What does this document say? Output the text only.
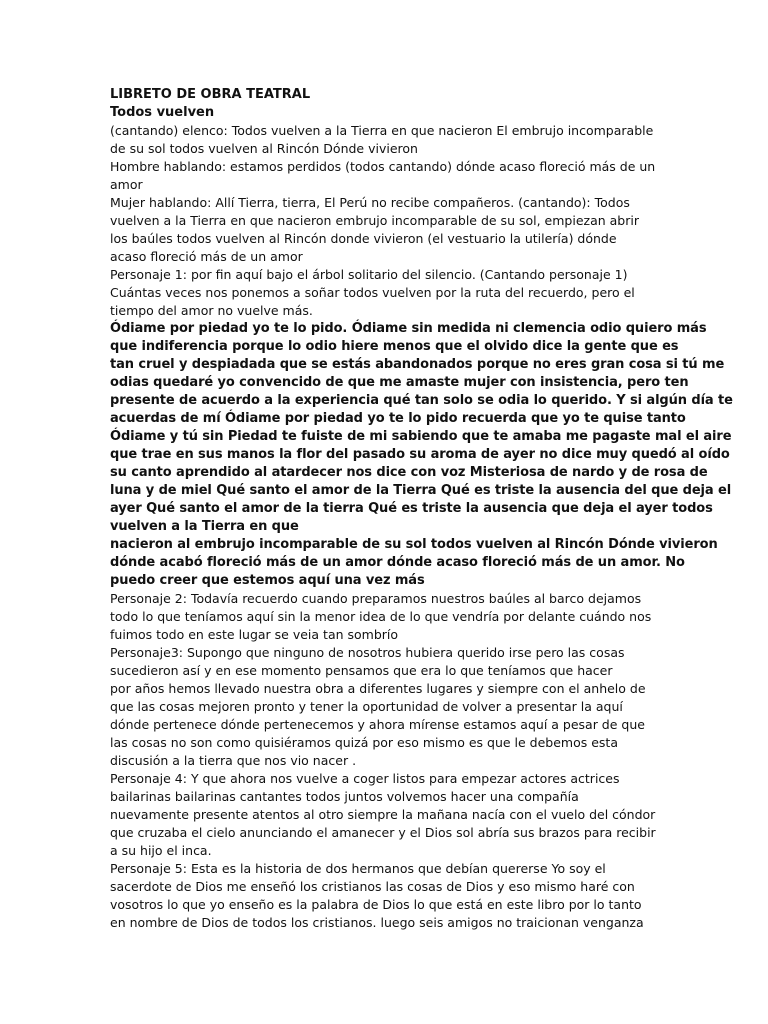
LIBRETO DE OBRA TEATRAL
Todos vuelven
(cantando) elenco: Todos vuelven a la Tierra en que nacieron El embrujo incomparable
de su sol todos vuelven al Rincón Dónde vivieron
Hombre hablando: estamos perdidos (todos cantando) dónde acaso floreció más de un
amor
Mujer hablando: Allí Tierra, tierra, El Perú no recibe compañeros. (cantando): Todos
vuelven a la Tierra en que nacieron embrujo incomparable de su sol, empiezan abrir
los baúles todos vuelven al Rincón donde vivieron (el vestuario la utilería) dónde
acaso floreció más de un amor
Personaje 1: por fin aquí bajo el árbol solitario del silencio. (Cantando personaje 1)
Cuántas veces nos ponemos a soñar todos vuelven por la ruta del recuerdo, pero el
tiempo del amor no vuelve más.
Ódiame por piedad yo te lo pido. Ódiame sin medida ni clemencia odio quiero más
que indiferencia porque lo odio hiere menos que el olvido dice la gente que es
tan cruel y despiadada que se estás abandonados porque no eres gran cosa si tú me
odias quedaré yo convencido de que me amaste mujer con insistencia, pero ten
presente de acuerdo a la experiencia qué tan solo se odia lo querido. Y si algún día te
acuerdas de mí Ódiame por piedad yo te lo pido recuerda que yo te quise tanto
Ódiame y tú sin Piedad te fuiste de mi sabiendo que te amaba me pagaste mal el aire
que trae en sus manos la flor del pasado su aroma de ayer no dice muy quedó al oído
su canto aprendido al atardecer nos dice con voz Misteriosa de nardo y de rosa de
luna y de miel Qué santo el amor de la Tierra Qué es triste la ausencia del que deja el
ayer Qué santo el amor de la tierra Qué es triste la ausencia que deja el ayer todos
vuelven a la Tierra en que
nacieron al embrujo incomparable de su sol todos vuelven al Rincón Dónde vivieron
dónde acabó floreció más de un amor dónde acaso floreció más de un amor. No
puedo creer que estemos aquí una vez más
Personaje 2: Todavía recuerdo cuando preparamos nuestros baúles al barco dejamos
todo lo que teníamos aquí sin la menor idea de lo que vendría por delante cuándo nos
fuimos todo en este lugar se veia tan sombrío
Personaje3: Supongo que ninguno de nosotros hubiera querido irse pero las cosas
sucedieron así y en ese momento pensamos que era lo que teníamos que hacer
por años hemos llevado nuestra obra a diferentes lugares y siempre con el anhelo de
que las cosas mejoren pronto y tener la oportunidad de volver a presentar la aquí
dónde pertenece dónde pertenecemos y ahora mírense estamos aquí a pesar de que
las cosas no son como quisiéramos quizá por eso mismo es que le debemos esta
discusión a la tierra que nos vio nacer .
Personaje 4: Y que ahora nos vuelve a coger listos para empezar actores actrices
bailarinas bailarinas cantantes todos juntos volvemos hacer una compañía
nuevamente presente atentos al otro siempre la mañana nacía con el vuelo del cóndor
que cruzaba el cielo anunciando el amanecer y el Dios sol abría sus brazos para recibir
a su hijo el inca.
Personaje 5: Esta es la historia de dos hermanos que debían quererse Yo soy el
sacerdote de Dios me enseñó los cristianos las cosas de Dios y eso mismo haré con
vosotros lo que yo enseño es la palabra de Dios lo que está en este libro por lo tanto
en nombre de Dios de todos los cristianos. luego seis amigos no traicionan venganza
